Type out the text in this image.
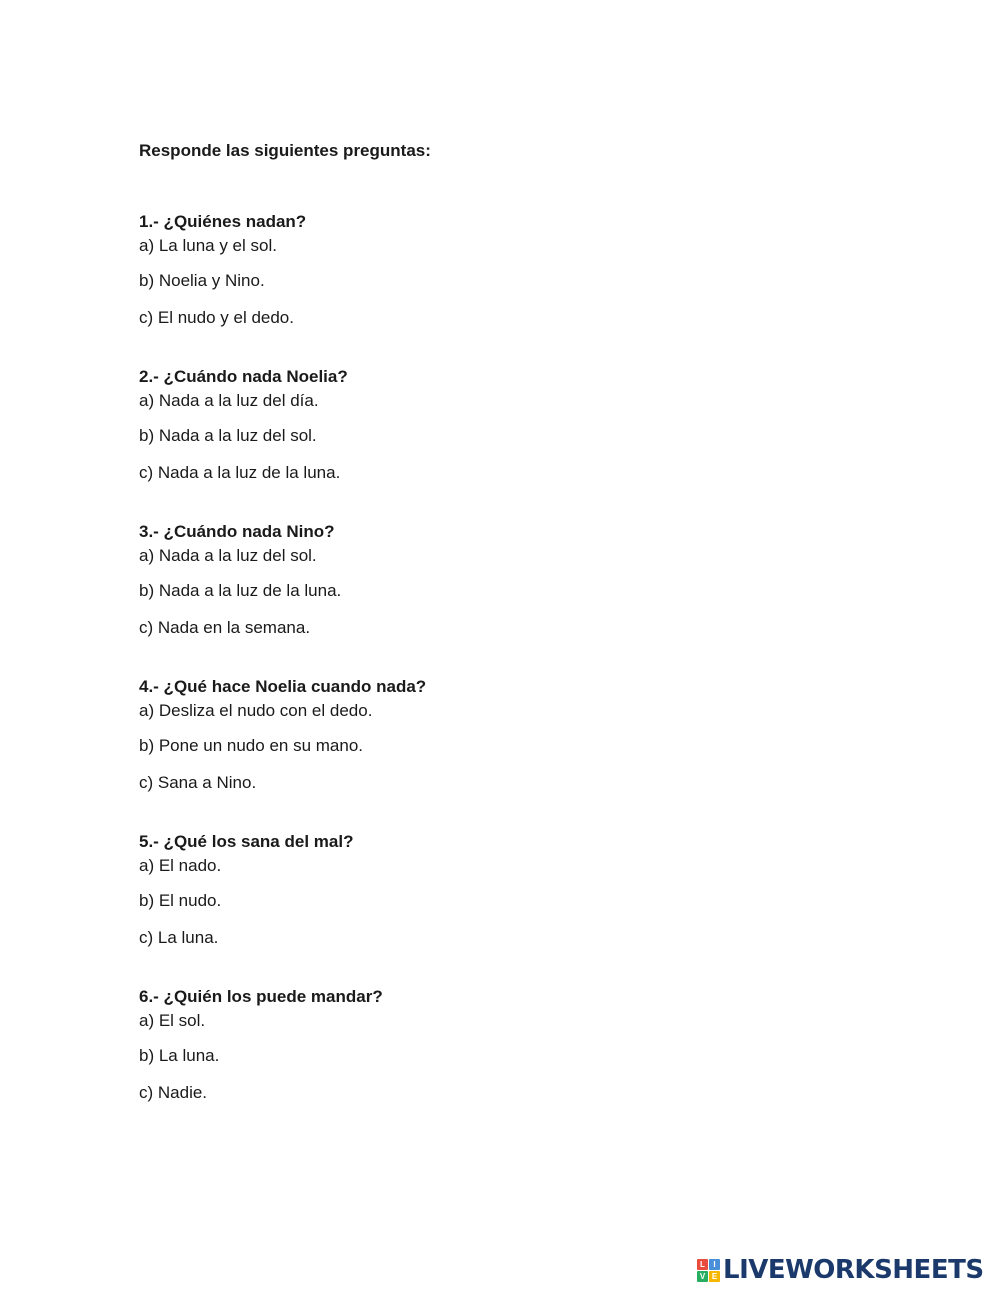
Responde las siguientes preguntas:
1.- ¿Quiénes nadan?
a) La luna y el sol.
b) Noelia y Nino.
c) El nudo y el dedo.
2.- ¿Cuándo nada Noelia?
a) Nada a la luz del día.
b) Nada a la luz del sol.
c) Nada a la luz de la luna.
3.- ¿Cuándo nada Nino?
a) Nada a la luz del sol.
b) Nada a la luz de la luna.
c) Nada en la semana.
4.- ¿Qué hace Noelia cuando nada?
a) Desliza el nudo con el dedo.
b) Pone un nudo en su mano.
c) Sana a Nino.
5.- ¿Qué los sana del mal?
a) El nado.
b) El nudo.
c) La luna.
6.- ¿Quién los puede mandar?
a) El sol.
b) La luna.
c) Nadie.
L	I
V E LIVEWORKSHEETS
